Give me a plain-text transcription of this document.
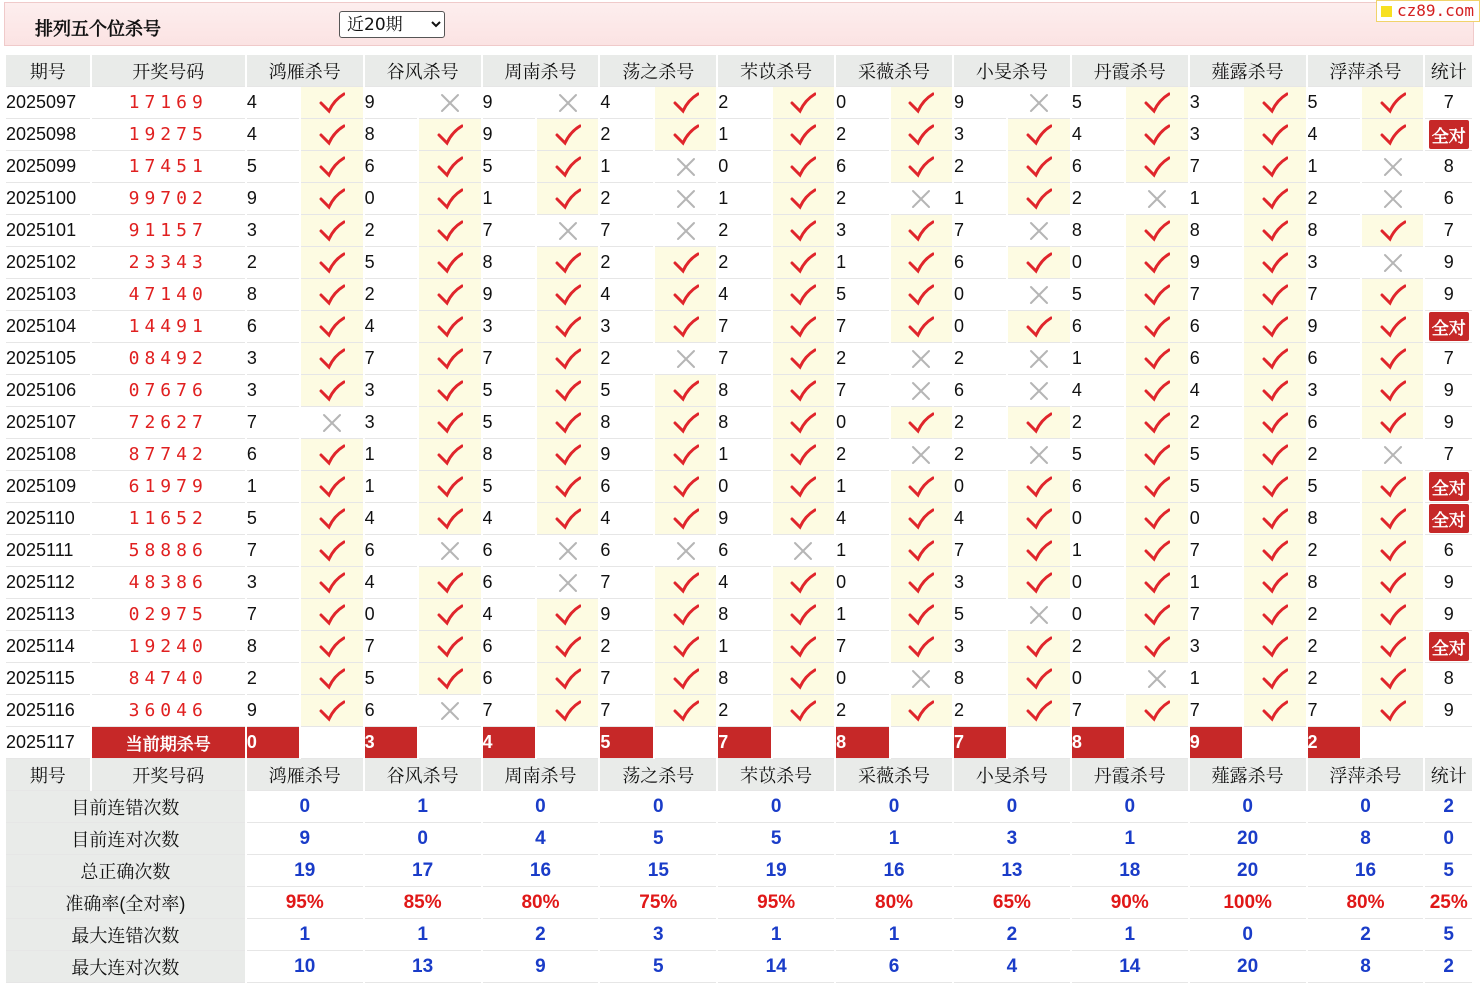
排列五个位杀号
近20期
cz89.com
期号	开奖号码	鸿雁杀号		谷风杀号		周南杀号		荡之杀号		芣苡杀号		采薇杀号		小旻杀号		丹霞杀号		薤露杀号		浮萍杀号		统计
2025097	17169	4		9		9		4		2		0		9		5		3		5		7
2025098	19275	4		8		9		2		1		2		3		4		3		4		全对
2025099	17451	5		6		5		1		0		6		2		6		7		1		8
2025100	99702	9		0		1		2		1		2		1		2		1		2		6
2025101	91157	3		2		7		7		2		3		7		8		8		8		7
2025102	23343	2		5		8		2		2		1		6		0		9		3		9
2025103	47140	8		2		9		4		4		5		0		5		7		7		9
2025104	14491	6		4		3		3		7		7		0		6		6		9		全对
2025105	08492	3		7		7		2		7		2		2		1		6		6		7
2025106	07676	3		3		5		5		8		7		6		4		4		3		9
2025107	72627	7		3		5		8		8		0		2		2		2		6		9
2025108	87742	6		1		8		9		1		2		2		5		5		2		7
2025109	61979	1		1		5		6		0		1		0		6		5		5		全对
2025110	11652	5		4		4		4		9		4		4		0		0		8		全对
2025111	58886	7		6		6		6		6		1		7		1		7		2		6
2025112	48386	3		4		6		7		4		0		3		0		1		8		9
2025113	02975	7		0		4		9		8		1		5		0		7		2		9
2025114	19240	8		7		6		2		1		7		3		2		3		2		全对
2025115	84740	2		5		6		7		8		0		8		0		1		2		8
2025116	36046	9		6		7		7		2		2		2		7		7		7		9
2025117	当前期杀号	0		3		4		5		7		8		7		8		9		2		
期号	开奖号码	鸿雁杀号		谷风杀号		周南杀号		荡之杀号		芣苡杀号		采薇杀号		小旻杀号		丹霞杀号		薤露杀号		浮萍杀号		统计
目前连错次数		0		1		0		0		0		0		0		0		0		0		2
目前连对次数		9		0		4		5		5		1		3		1		20		8		0
总正确次数		19		17		16		15		19		16		13		18		20		16		5
准确率(全对率)		95%		85%		80%		75%		95%		80%		65%		90%		100%		80%		25%
最大连错次数		1		1		2		3		1		1		2		1		0		2		5
最大连对次数		10		13		9		5		14		6		4		14		20		8		2
